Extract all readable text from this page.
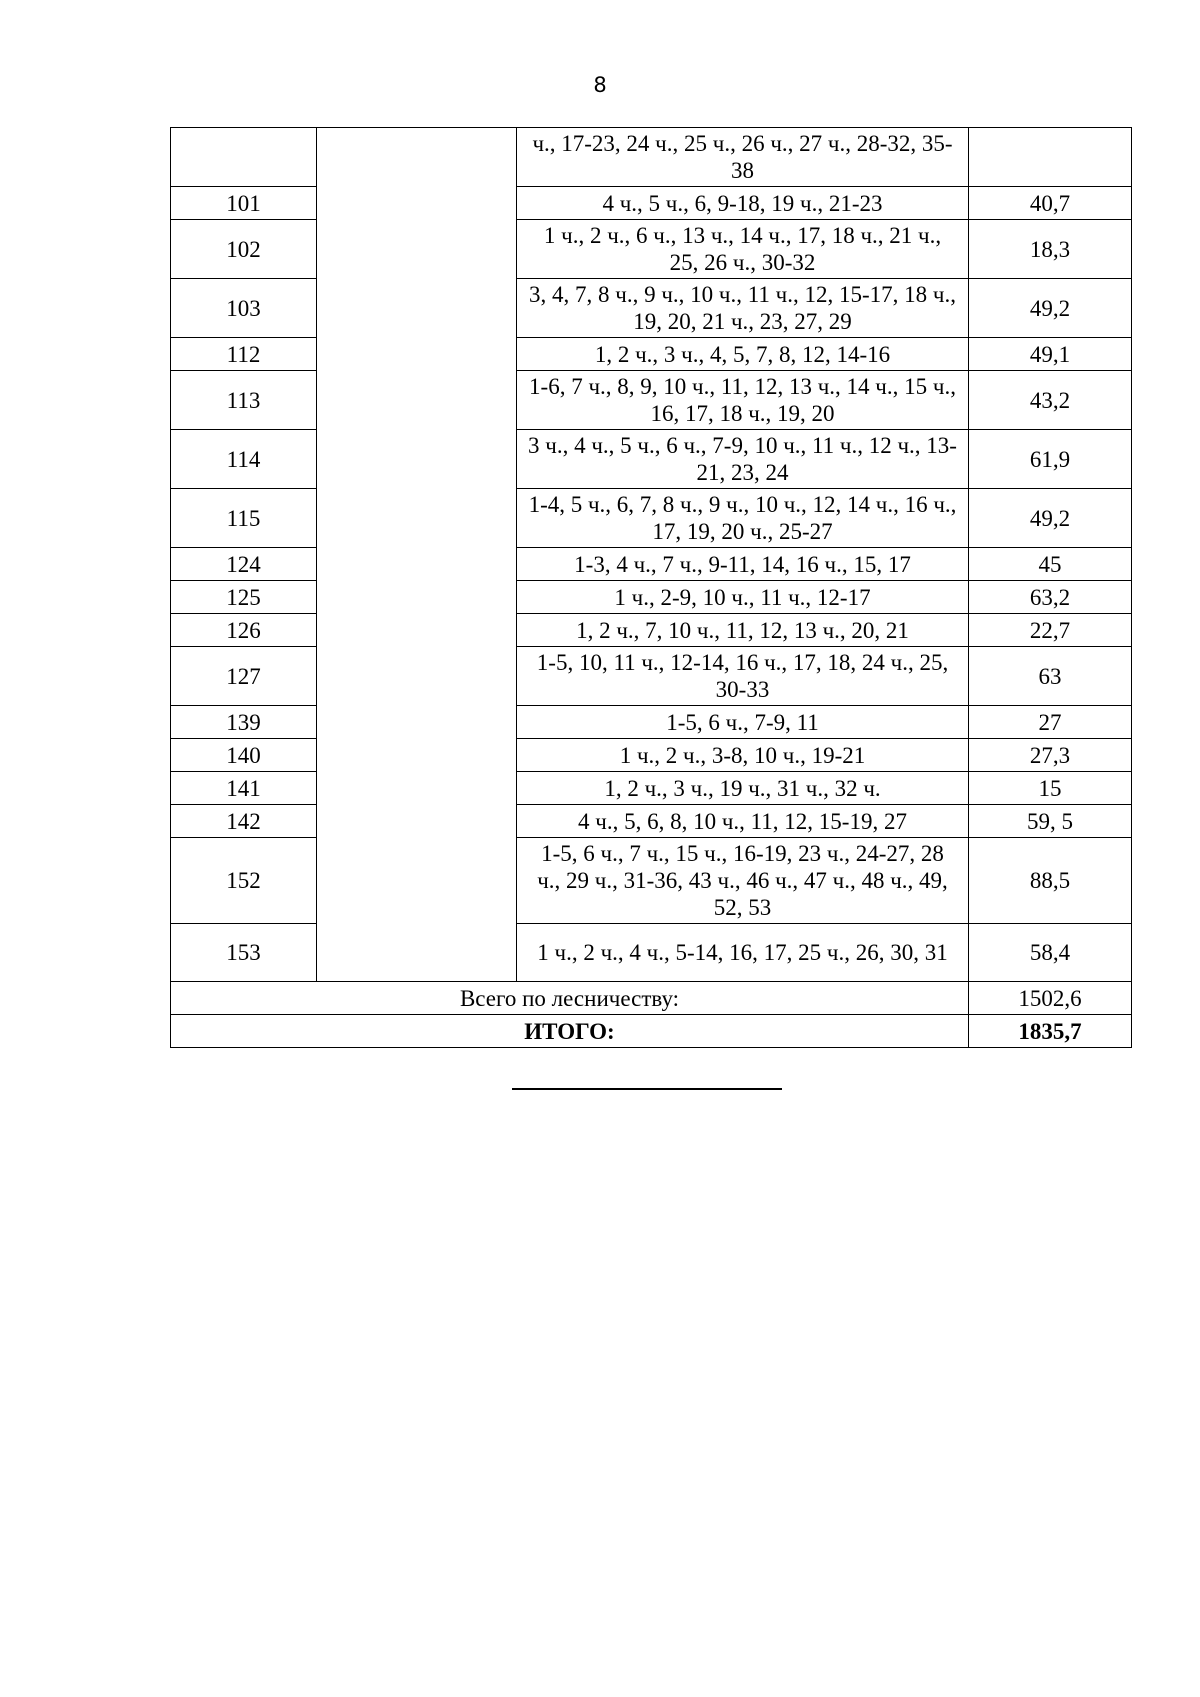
8
		ч., 17-23, 24 ч., 25 ч., 26 ч., 27 ч., 28-32, 35-38	
101		4 ч., 5 ч., 6, 9-18, 19 ч., 21-23	40,7
102		1 ч., 2 ч., 6 ч., 13 ч., 14 ч., 17, 18 ч., 21 ч., 25, 26 ч., 30-32	18,3
103		3, 4, 7, 8 ч., 9 ч., 10 ч., 11 ч., 12, 15-17, 18 ч., 19, 20, 21 ч., 23, 27, 29	49,2
112		1, 2 ч., 3 ч., 4, 5, 7, 8, 12, 14-16	49,1
113		1-6, 7 ч., 8, 9, 10 ч., 11, 12, 13 ч., 14 ч., 15 ч., 16, 17, 18 ч., 19, 20	43,2
114		3 ч., 4 ч., 5 ч., 6 ч., 7-9, 10 ч., 11 ч., 12 ч., 13-21, 23, 24	61,9
115		1-4, 5 ч., 6, 7, 8 ч., 9 ч., 10 ч., 12, 14 ч., 16 ч., 17, 19, 20 ч., 25-27	49,2
124		1-3, 4 ч., 7 ч., 9-11, 14, 16 ч., 15, 17	45
125		1 ч., 2-9, 10 ч., 11 ч., 12-17	63,2
126		1, 2 ч., 7, 10 ч., 11, 12, 13 ч., 20, 21	22,7
127		1-5, 10, 11 ч., 12-14, 16 ч., 17, 18, 24 ч., 25, 30-33	63
139		1-5, 6 ч., 7-9, 11	27
140		1 ч., 2 ч., 3-8, 10 ч., 19-21	27,3
141		1, 2 ч., 3 ч., 19 ч., 31 ч., 32 ч.	15
142		4 ч., 5, 6, 8, 10 ч., 11, 12, 15-19, 27	59, 5
152		1-5, 6 ч., 7 ч., 15 ч., 16-19, 23 ч., 24-27, 28 ч., 29 ч., 31-36, 43 ч., 46 ч., 47 ч., 48 ч., 49, 52, 53	88,5
153		1 ч., 2 ч., 4 ч., 5-14, 16, 17, 25 ч., 26, 30, 31	58,4
Всего по лесничеству:			1502,6
ИТОГО:			1835,7
